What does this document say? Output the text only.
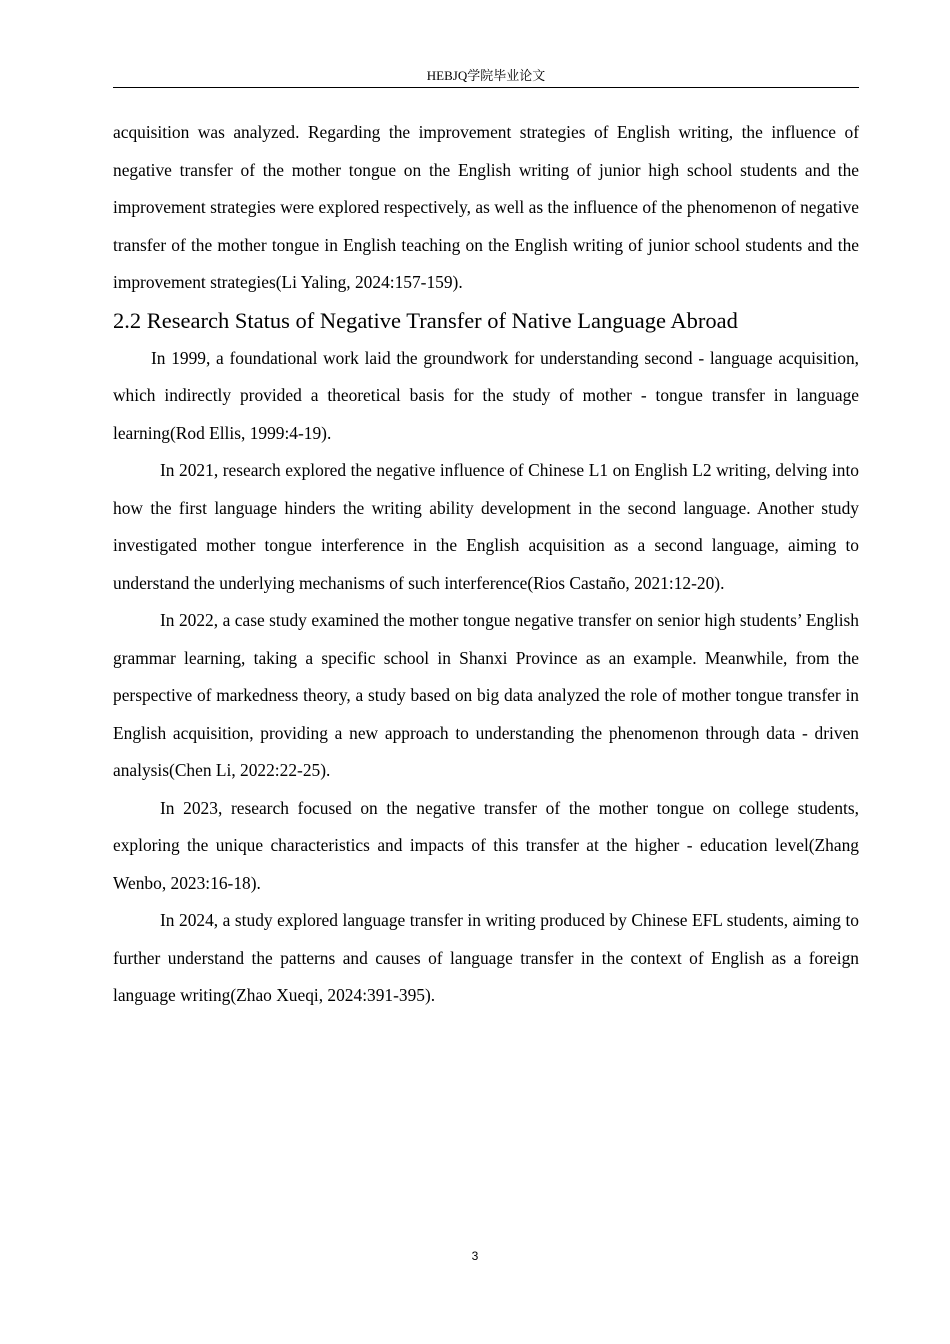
HEBJQ学院毕业论文

acquisition was analyzed. Regarding the improvement strategies of English writing, the influence of negative transfer of the mother tongue on the English writing of junior high school students and the improvement strategies were explored respectively, as well as the influence of the phenomenon of negative transfer of the mother tongue in English teaching on the English writing of junior school students and the improvement strategies(Li Yaling, 2024:157-159).

2.2 Research Status of Negative Transfer of Native Language Abroad

In 1999, a foundational work laid the groundwork for understanding second - language acquisition, which indirectly provided a theoretical basis for the study of mother - tongue transfer in language learning(Rod Ellis, 1999:4-19).

In 2021, research explored the negative influence of Chinese L1 on English L2 writing, delving into how the first language hinders the writing ability development in the second language. Another study investigated mother tongue interference in the English acquisition as a second language, aiming to understand the underlying mechanisms of such interference(Rios Castaño, 2021:12-20).

In 2022, a case study examined the mother tongue negative transfer on senior high students’ English grammar learning, taking a specific school in Shanxi Province as an example. Meanwhile, from the perspective of markedness theory, a study based on big data analyzed the role of mother tongue transfer in English acquisition, providing a new approach to understanding the phenomenon through data - driven analysis(Chen Li, 2022:22-25).

In 2023, research focused on the negative transfer of the mother tongue on college students, exploring the unique characteristics and impacts of this transfer at the higher - education level(Zhang Wenbo, 2023:16-18).

In 2024, a study explored language transfer in writing produced by Chinese EFL students, aiming to further understand the patterns and causes of language transfer in the context of English as a foreign language writing(Zhao Xueqi, 2024:391-395).

3
